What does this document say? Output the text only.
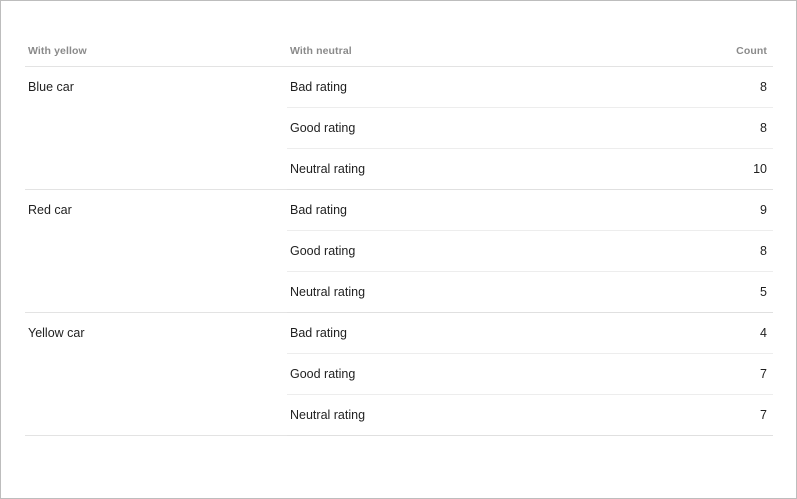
With yellow	With neutral	Count
Blue car	Bad rating	8
	Good rating	8
	Neutral rating	10
Red car	Bad rating	9
	Good rating	8
	Neutral rating	5
Yellow car	Bad rating	4
	Good rating	7
	Neutral rating	7
